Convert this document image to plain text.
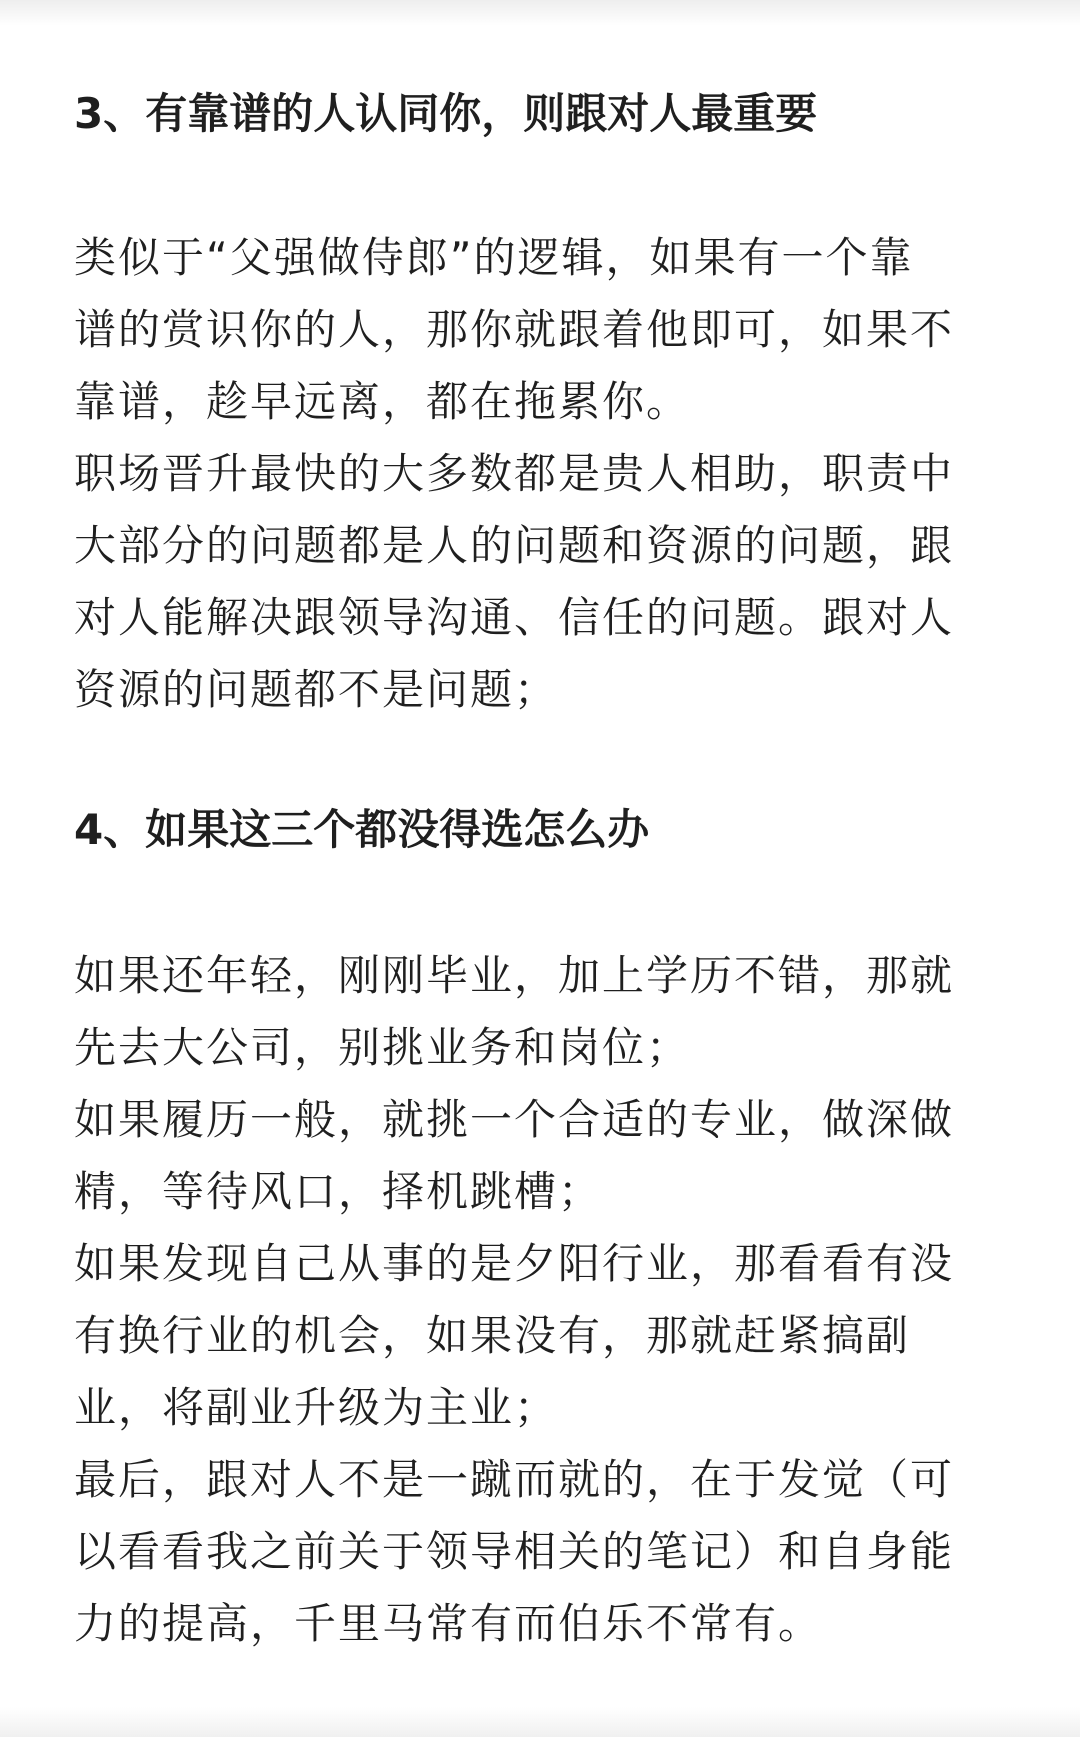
3、有靠谱的人认同你，则跟对人最重要

类似于“父强做侍郎”的逻辑，如果有一个靠
谱的赏识你的人，那你就跟着他即可，如果不
靠谱，趁早远离，都在拖累你。

职场晋升最快的大多数都是贵人相助，职责中
大部分的问题都是人的问题和资源的问题，跟
对人能解决跟领导沟通、信任的问题。跟对人
资源的问题都不是问题；

4、如果这三个都没得选怎么办

如果还年轻，刚刚毕业，加上学历不错，那就
先去大公司，别挑业务和岗位；

如果履历一般，就挑一个合适的专业，做深做
精，等待风口，择机跳槽；

如果发现自己从事的是夕阳行业，那看看有没
有换行业的机会，如果没有，那就赶紧搞副
业，将副业升级为主业；

最后，跟对人不是一蹴而就的，在于发觉（可
以看看我之前关于领导相关的笔记）和自身能
力的提高，千里马常有而伯乐不常有。
